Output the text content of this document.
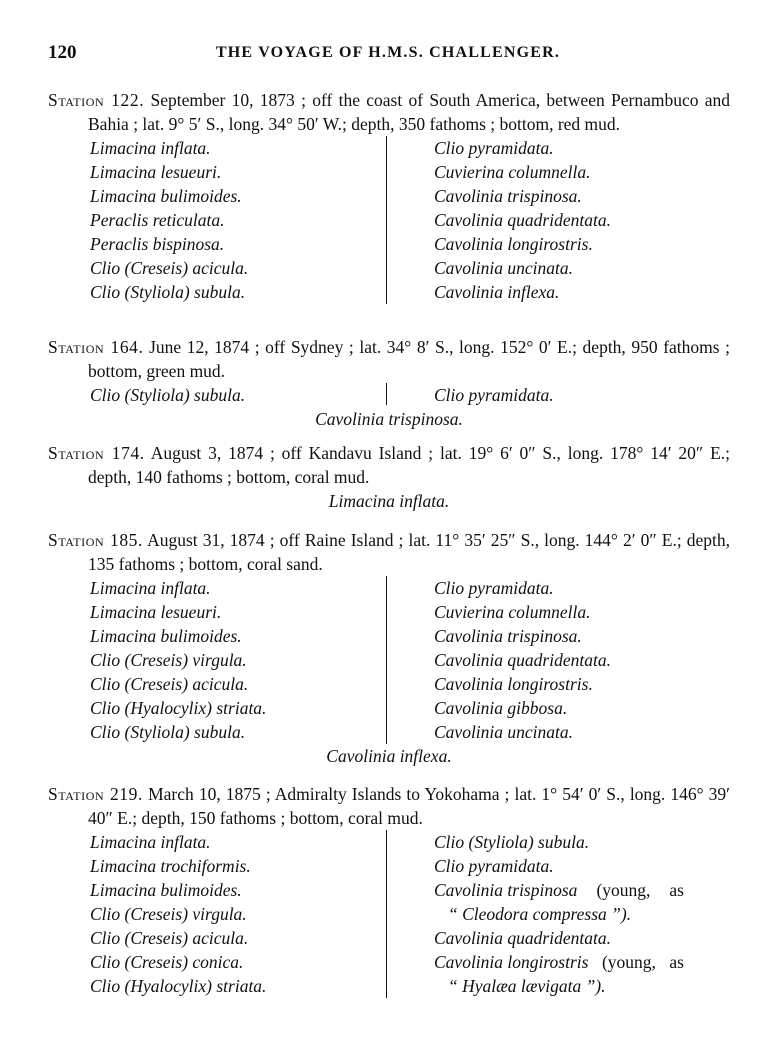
120	THE VOYAGE OF H.M.S. CHALLENGER.
Station 122. September 10, 1873 ; off the coast of South America, between Pernambuco and Bahia ; lat. 9° 5′ S., long. 34° 50′ W.; depth, 350 fathoms ; bottom, red mud.
Limacina inflata.
Limacina lesueuri.
Limacina bulimoides.
Peraclis reticulata.
Peraclis bispinosa.
Clio (Creseis) acicula.
Clio (Styliola) subula.
Clio pyramidata.
Cuvierina columnella.
Cavolinia trispinosa.
Cavolinia quadridentata.
Cavolinia longirostris.
Cavolinia uncinata.
Cavolinia inflexa.
Station 164. June 12, 1874 ; off Sydney ; lat. 34° 8′ S., long. 152° 0′ E.; depth, 950 fathoms ; bottom, green mud.
Clio (Styliola) subula.	Clio pyramidata.
Cavolinia trispinosa.
Station 174. August 3, 1874 ; off Kandavu Island ; lat. 19° 6′ 0″ S., long. 178° 14′ 20″ E.; depth, 140 fathoms ; bottom, coral mud.
Limacina inflata.
Station 185. August 31, 1874 ; off Raine Island ; lat. 11° 35′ 25″ S., long. 144° 2′ 0″ E.; depth, 135 fathoms ; bottom, coral sand.
Limacina inflata.
Limacina lesueuri.
Limacina bulimoides.
Clio (Creseis) virgula.
Clio (Creseis) acicula.
Clio (Hyalocylix) striata.
Clio (Styliola) subula.
Clio pyramidata.
Cuvierina columnella.
Cavolinia trispinosa.
Cavolinia quadridentata.
Cavolinia longirostris.
Cavolinia gibbosa.
Cavolinia uncinata.
Cavolinia inflexa.
Station 219. March 10, 1875 ; Admiralty Islands to Yokohama ; lat. 1° 54′ 0′ S., long. 146° 39′ 40″ E.; depth, 150 fathoms ; bottom, coral mud.
Limacina inflata.
Limacina trochiformis.
Limacina bulimoides.
Clio (Creseis) virgula.
Clio (Creseis) acicula.
Clio (Creseis) conica.
Clio (Hyalocylix) striata.
Clio (Styliola) subula.
Clio pyramidata.
Cavolinia trispinosa (young, as
“ Cleodora compressa ”).
Cavolinia quadridentata.
Cavolinia longirostris (young, as
“ Hyalæa lævigata ”).
